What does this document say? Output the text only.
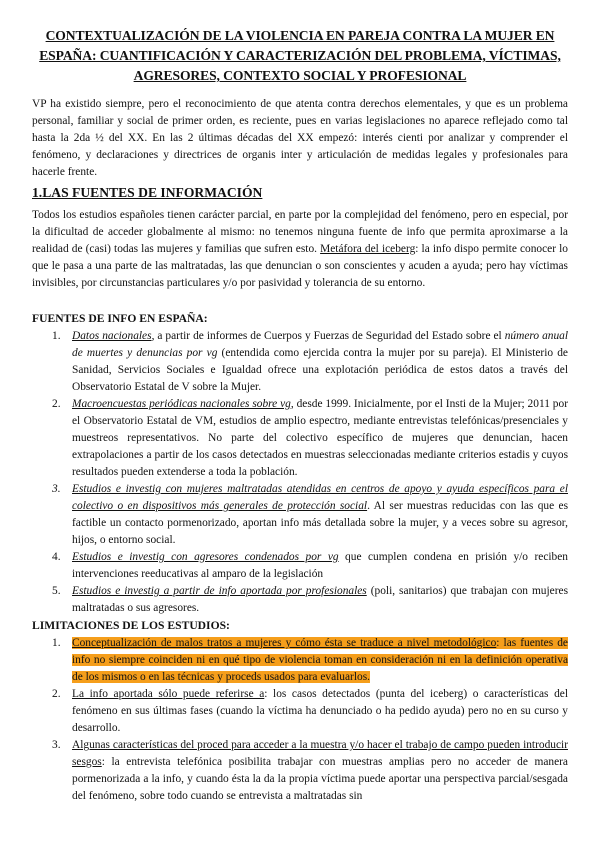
CONTEXTUALIZACIÓN DE LA VIOLENCIA EN PAREJA CONTRA LA MUJER EN ESPAÑA: CUANTIFICACIÓN Y CARACTERIZACIÓN DEL PROBLEMA, VÍCTIMAS, AGRESORES, CONTEXTO SOCIAL Y PROFESIONAL
VP ha existido siempre, pero el reconocimiento de que atenta contra derechos elementales, y que es un problema personal, familiar y social de primer orden, es reciente, pues en varias legislaciones no aparece reflejado como tal hasta la 2da ½ del XX. En las 2 últimas décadas del XX empezó: interés cienti por analizar y comprender el fenómeno, y declaraciones y directrices de organis inter y articulación de medidas legales y profesionales para hacerle frente.
1.LAS FUENTES DE INFORMACIÓN
Todos los estudios españoles tienen carácter parcial, en parte por la complejidad del fenómeno, pero en especial, por la dificultad de acceder globalmente al mismo: no tenemos ninguna fuente de info que permita aproximarse a la realidad de (casi) todas las mujeres y familias que sufren esto. Metáfora del iceberg: la info dispo permite conocer lo que le pasa a una parte de las maltratadas, las que denuncian o son conscientes y acuden a ayuda; pero hay víctimas invisibles, por circunstancias particulares y/o por pasividad y tolerancia de su entorno.
FUENTES DE INFO EN ESPAÑA:
1. Datos nacionales, a partir de informes de Cuerpos y Fuerzas de Seguridad del Estado sobre el número anual de muertes y denuncias por vg (entendida como ejercida contra la mujer por su pareja). El Ministerio de Sanidad, Servicios Sociales e Igualdad ofrece una explotación periódica de estos datos a través del Observatorio Estatal de V sobre la Mujer.
2. Macroencuestas periódicas nacionales sobre vg, desde 1999. Inicialmente, por el Insti de la Mujer; 2011 por el Observatorio Estatal de VM, estudios de amplio espectro, mediante entrevistas telefónicas/presenciales y muestreos representativos. No parte del colectivo específico de mujeres que denuncian, hacen extrapolaciones a partir de los casos detectados en muestras seleccionadas mediante criterios estadis y cuyos resultados pueden extenderse a toda la población.
3. Estudios e investig con mujeres maltratadas atendidas en centros de apoyo y ayuda específicos para el colectivo o en dispositivos más generales de protección social. Al ser muestras reducidas con las que es factible un contacto pormenorizado, aportan info más detallada sobre la mujer, y a veces sobre su agresor, hijos, o entorno social.
4. Estudios e investig con agresores condenados por vg que cumplen condena en prisión y/o reciben intervenciones reeducativas al amparo de la legislación
5. Estudios e investig a partir de info aportada por profesionales (poli, sanitarios) que trabajan con mujeres maltratadas o sus agresores.
LIMITACIONES DE LOS ESTUDIOS:
1. Conceptualización de malos tratos a mujeres y cómo ésta se traduce a nivel metodológico: las fuentes de info no siempre coinciden ni en qué tipo de violencia toman en consideración ni en la definición operativa de los mismos o en las técnicas y proceds usados para evaluarlos.
2. La info aportada sólo puede referirse a: los casos detectados (punta del iceberg) o características del fenómeno en sus últimas fases (cuando la víctima ha denunciado o ha pedido ayuda) pero no en su curso y desarrollo.
3. Algunas características del proced para acceder a la muestra y/o hacer el trabajo de campo pueden introducir sesgos: la entrevista telefónica posibilita trabajar con muestras amplias pero no acceder de manera pormenorizada a la info, y cuando ésta la da la propia víctima puede aportar una perspectiva parcial/sesgada del fenómeno, sobre todo cuando se entrevista a maltratadas sin
